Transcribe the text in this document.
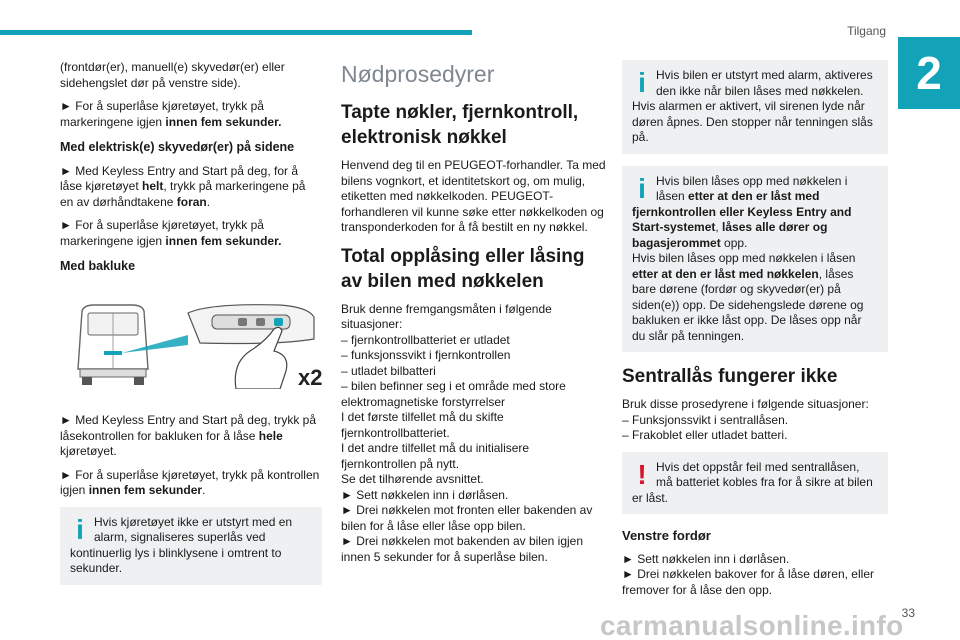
Tilgang
2

(frontdør(er), manuell(e) skyvedør(er) eller sidehengslet dør på venstre side).

► For å superlåse kjøretøyet, trykk på markeringene igjen innen fem sekunder.

Med elektrisk(e) skyvedør(er) på sidene

► Med Keyless Entry and Start på deg, for å låse kjøretøyet helt, trykk på markeringene på en av dørhåndtakene foran.

► For å superlåse kjøretøyet, trykk på markeringene igjen innen fem sekunder.

Med bakluke
x2

► Med Keyless Entry and Start på deg, trykk på låsekontrollen for bakluken for å låse hele kjøretøyet.

► For å superlåse kjøretøyet, trykk på kontrollen igjen innen fem sekunder.

i Hvis kjøretøyet ikke er utstyrt med en alarm, signaliseres superlås ved kontinuerlig lys i blinklysene i omtrent to sekunder.
Nødprosedyrer
Tapte nøkler, fjernkontroll, elektronisk nøkkel

Henvend deg til en PEUGEOT-forhandler. Ta med bilens vognkort, et identitetskort og, om mulig, etiketten med nøkkelkoden. PEUGEOT-forhandleren vil kunne søke etter nøkkelkoden og transponderkoden for å få bestilt en ny nøkkel.

Total opplåsing eller låsing av bilen med nøkkelen
Bruk denne fremgangsmåten i følgende situasjoner:
– fjernkontrollbatteriet er utladet
– funksjonssvikt i fjernkontrollen
– utladet bilbatteri
– bilen befinner seg i et område med store elektromagnetiske forstyrrelser
I det første tilfellet må du skifte fjernkontrollbatteriet.
I det andre tilfellet må du initialisere fjernkontrollen på nytt.
Se det tilhørende avsnittet.
► Sett nøkkelen inn i dørlåsen.
► Drei nøkkelen mot fronten eller bakenden av bilen for å låse eller låse opp bilen.
► Drei nøkkelen mot bakenden av bilen igjen innen 5 sekunder for å superlåse bilen.
i Hvis bilen er utstyrt med alarm, aktiveres den ikke når bilen låses med nøkkelen. Hvis alarmen er aktivert, vil sirenen lyde når døren åpnes. Den stopper når tenningen slås på.
i Hvis bilen låses opp med nøkkelen i låsen etter at den er låst med fjernkontrollen eller Keyless Entry and Start-systemet, låses alle dører og bagasjerommet opp.
Hvis bilen låses opp med nøkkelen i låsen etter at den er låst med nøkkelen, låses bare dørene (fordør og skyvedør(er) på siden(e)) opp. De sidehengslede dørene og bakluken er ikke låst opp. De låses opp når du slår på tenningen.
Sentrallås fungerer ikke
Bruk disse prosedyrene i følgende situasjoner:
– Funksjonssvikt i sentrallåsen.
– Frakoblet eller utladet batteri.
! Hvis det oppstår feil med sentrallåsen, må batteriet kobles fra for å sikre at bilen er låst.
Venstre fordør
► Sett nøkkelen inn i dørlåsen.
► Drei nøkkelen bakover for å låse døren, eller fremover for å låse den opp.
33
carmanualsonline.info
